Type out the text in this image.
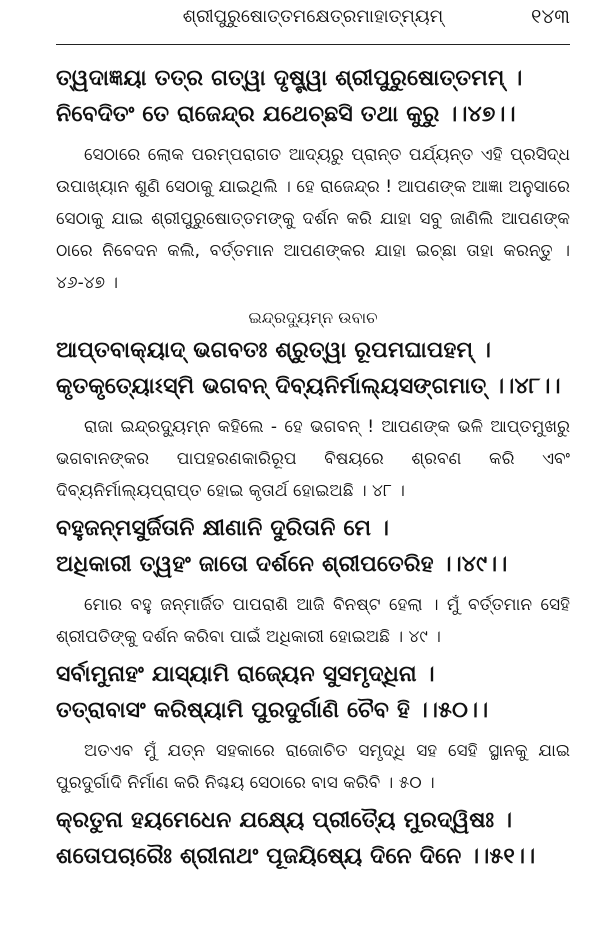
ଶ୍ରୀପୁରୁଷୋତ୍ତମକ୍ଷେତ୍ରମାହାତ୍ମ୍ୟମ୍	୧୪୩
ତ୍ୱଦାଜ୍ଞୟା ତତ୍ର ଗତ୍ୱା ଦୃଷ୍ଟ୍ୱା ଶ୍ରୀପୁରୁଷୋତ୍ତମମ୍ ।
ନିବେଦିତଂ ତେ ରାଜେନ୍ଦ୍ର ଯଥେଚ୍ଛସି ତଥା କୁରୁ ।।୪୭।।
ସେଠାରେ ଲୋକ ପରମ୍ପରାଗତ ଆଦ୍ୟରୁ ପ୍ରାନ୍ତ ପର୍ଯ୍ୟନ୍ତ ଏହି ପ୍ରସିଦ୍ଧ ଉପାଖ୍ୟାନ ଶୁଣି ସେଠାକୁ ଯାଇଥିଲି । ହେ ରାଜେନ୍ଦ୍ର ! ଆପଣଙ୍କ ଆଜ୍ଞା ଅନୁସାରେ ସେଠାକୁ ଯାଇ ଶ୍ରୀପୁରୁଷୋତ୍ତମଙ୍କୁ ଦର୍ଶନ କରି ଯାହା ସବୁ ଜାଣିଲି ଆପଣଙ୍କ ଠାରେ ନିବେଦନ କଲି, ବର୍ତ୍ତମାନ ଆପଣଙ୍କର ଯାହା ଇଚ୍ଛା ତାହା କରନ୍ତୁ । ୪୬-୪୭ ।
ଇନ୍ଦ୍ରଦ୍ୟୁମ୍ନ ଉବାଚ
ଆପ୍ତବାକ୍ୟାଦ୍ ଭଗବତଃ ଶ୍ରୁତ୍ୱା ରୂପମଘାପହମ୍ ।
କୃତକୃତ୍ୟୋଽସ୍ମି ଭଗବନ୍ ଦିବ୍ୟନିର୍ମାଲ୍ୟସଙ୍ଗମାତ୍ ।।୪୮।।
ରାଜା ଇନ୍ଦ୍ରଦ୍ୟୁମ୍ନ କହିଲେ - ହେ ଭଗବନ୍ ! ଆପଣଙ୍କ ଭଳି ଆପ୍ତମୁଖରୁ ଭଗବାନଙ୍କର ପାପହରଣକାରିରୂପ ବିଷୟରେ ଶ୍ରବଣ କରି ଏବଂ ଦିବ୍ୟନିର୍ମାଲ୍ୟପ୍ରାପ୍ତ ହୋଇ କୃତାର୍ଥ ହୋଇଅଛି । ୪୮ ।
ବହୁଜନ୍ମସୁର୍ଜିତାନି କ୍ଷୀଣାନି ଦୁରିତାନି ମେ ।
ଅଧିକାରୀ ତ୍ୱହଂ ଜାତୋ ଦର୍ଶନେ ଶ୍ରୀପତେରିହ ।।୪୯।।
ମୋର ବହୁ ଜନ୍ମାର୍ଜିତ ପାପରାଶି ଆଜି ବିନଷ୍ଟ ହେଲା । ମୁଁ ବର୍ତ୍ତମାନ ସେହି ଶ୍ରୀପତିଙ୍କୁ ଦର୍ଶନ କରିବା ପାଇଁ ଅଧିକାରୀ ହୋଇଅଛି । ୪୯ ।
ସର୍ବାମୁନାହଂ ଯାସ୍ୟାମି ରାଜ୍ୟେନ ସୁସମୃଦ୍ଧିନା ।
ତତ୍ରାବାସଂ କରିଷ୍ୟାମି ପୁରଦୁର୍ଗାଣି ଚୈବ ହି ।।୫୦।।
ଅତଏବ ମୁଁ ଯତ୍ନ ସହକାରେ ରାଜୋଚିତ ସମୃଦ୍ଧି ସହ ସେହି ସ୍ଥାନକୁ ଯାଇ ପୁରଦୁର୍ଗାଦି ନିର୍ମାଣ କରି ନିଶ୍ଚୟ ସେଠାରେ ବାସ କରିବି । ୫୦ ।
କ୍ରତୁନା ହୟମେଧେନ ଯକ୍ଷ୍ୟେ ପ୍ରୀତ୍ୟୈ ମୁରଦ୍ୱିଷଃ ।
ଶତୋପଚାରୈଃ ଶ୍ରୀନାଥଂ ପୂଜୟିଷ୍ୟେ ଦିନେ ଦିନେ ।।୫୧।।
